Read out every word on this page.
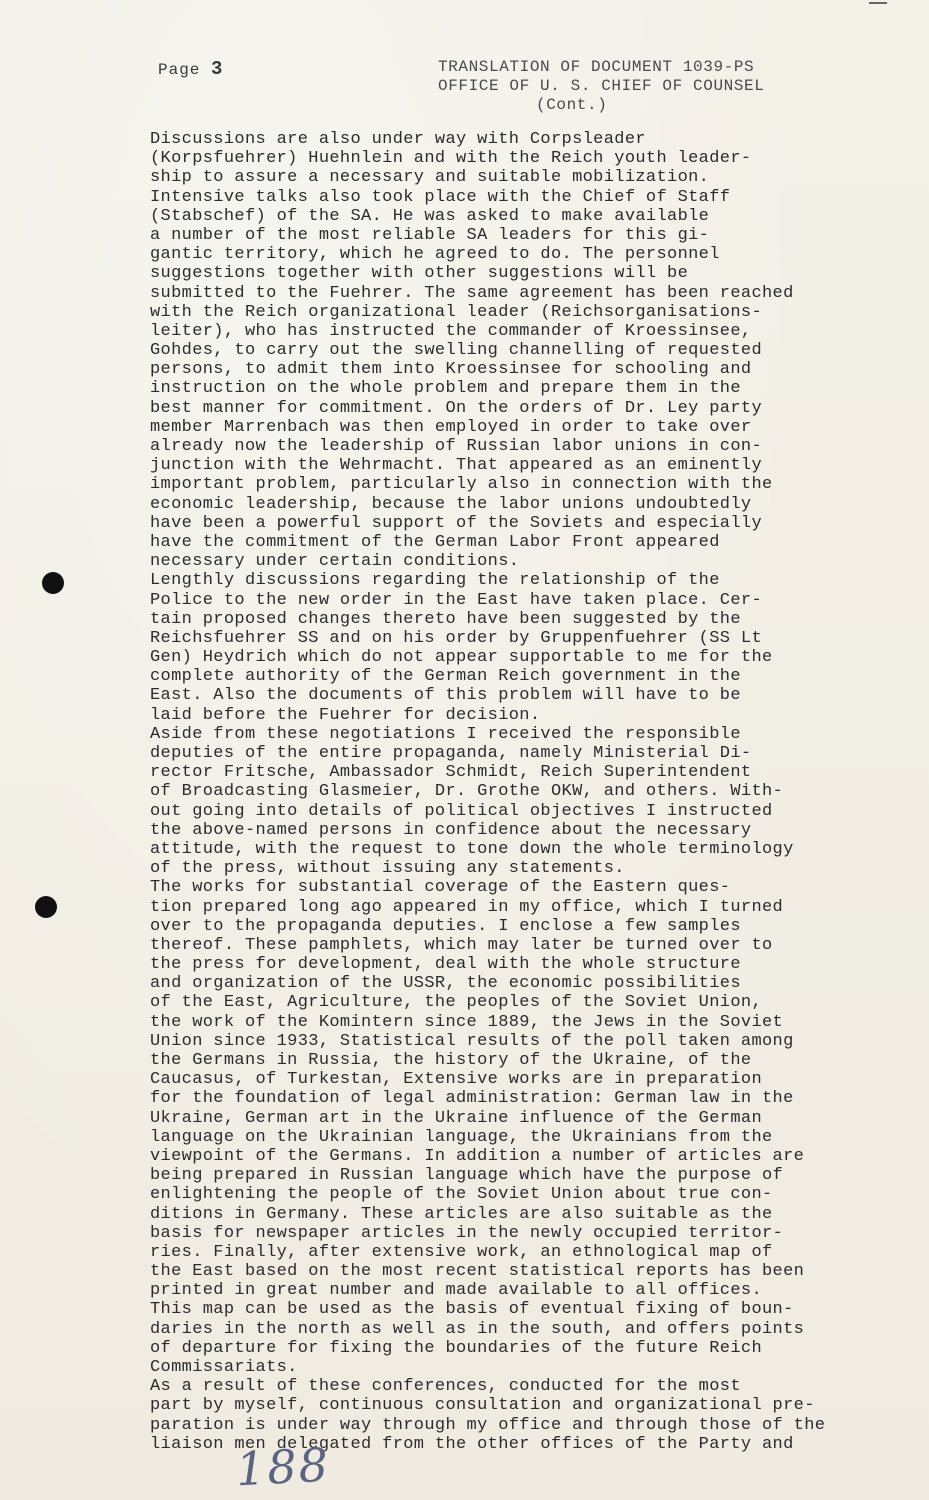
Page 3	TRANSLATION OF DOCUMENT 1039-PS
OFFICE OF U. S. CHIEF OF COUNSEL
(Cont.)
Discussions are also under way with Corpsleader
(Korpsfuehrer) Huehnlein and with the Reich youth leader-
ship to assure a necessary and suitable mobilization.
Intensive talks also took place with the Chief of Staff
(Stabschef) of the SA. He was asked to make available
a number of the most reliable SA leaders for this gi-
gantic territory, which he agreed to do. The personnel
suggestions together with other suggestions will be
submitted to the Fuehrer. The same agreement has been reached
with the Reich organizational leader (Reichsorganisations-
leiter), who has instructed the commander of Kroessinsee,
Gohdes, to carry out the swelling channelling of requested
persons, to admit them into Kroessinsee for schooling and
instruction on the whole problem and prepare them in the
best manner for commitment. On the orders of Dr. Ley party
member Marrenbach was then employed in order to take over
already now the leadership of Russian labor unions in con-
junction with the Wehrmacht. That appeared as an eminently
important problem, particularly also in connection with the
economic leadership, because the labor unions undoubtedly
have been a powerful support of the Soviets and especially
have the commitment of the German Labor Front appeared
necessary under certain conditions.
Lengthly discussions regarding the relationship of the
Police to the new order in the East have taken place. Cer-
tain proposed changes thereto have been suggested by the
Reichsfuehrer SS and on his order by Gruppenfuehrer (SS Lt
Gen) Heydrich which do not appear supportable to me for the
complete authority of the German Reich government in the
East. Also the documents of this problem will have to be
laid before the Fuehrer for decision.
Aside from these negotiations I received the responsible
deputies of the entire propaganda, namely Ministerial Di-
rector Fritsche, Ambassador Schmidt, Reich Superintendent
of Broadcasting Glasmeier, Dr. Grothe OKW, and others. With-
out going into details of political objectives I instructed
the above-named persons in confidence about the necessary
attitude, with the request to tone down the whole terminology
of the press, without issuing any statements.
The works for substantial coverage of the Eastern ques-
tion prepared long ago appeared in my office, which I turned
over to the propaganda deputies. I enclose a few samples
thereof. These pamphlets, which may later be turned over to
the press for development, deal with the whole structure
and organization of the USSR, the economic possibilities
of the East, Agriculture, the peoples of the Soviet Union,
the work of the Komintern since 1889, the Jews in the Soviet
Union since 1933, Statistical results of the poll taken among
the Germans in Russia, the history of the Ukraine, of the
Caucasus, of Turkestan, Extensive works are in preparation
for the foundation of legal administration: German law in the
Ukraine, German art in the Ukraine influence of the German
language on the Ukrainian language, the Ukrainians from the
viewpoint of the Germans. In addition a number of articles are
being prepared in Russian language which have the purpose of
enlightening the people of the Soviet Union about true con-
ditions in Germany. These articles are also suitable as the
basis for newspaper articles in the newly occupied territor-
ries. Finally, after extensive work, an ethnological map of
the East based on the most recent statistical reports has been
printed in great number and made available to all offices.
This map can be used as the basis of eventual fixing of boun-
daries in the north as well as in the south, and offers points
of departure for fixing the boundaries of the future Reich
Commissariats.
As a result of these conferences, conducted for the most
part by myself, continuous consultation and organizational pre-
paration is under way through my office and through those of the
liaison men delegated from the other offices of the Party and
188
